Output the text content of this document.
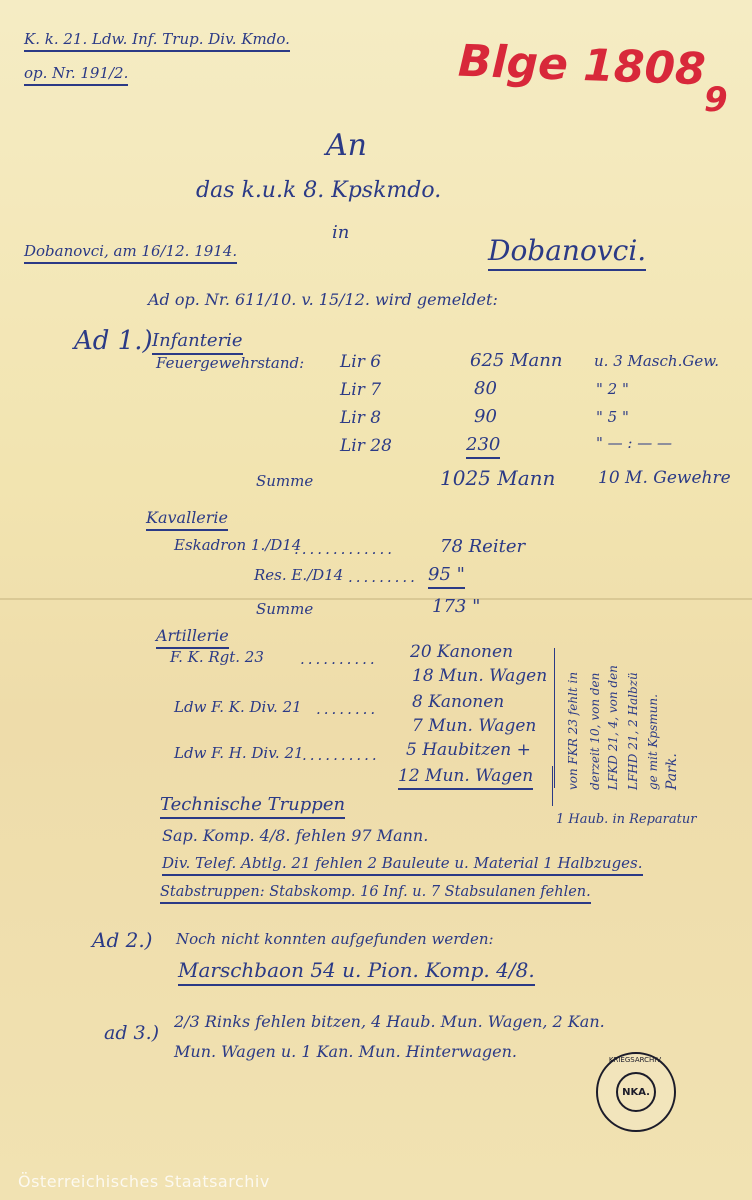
K. k. 21. Ldw. Inf. Trup. Div. Kmdo.
op. Nr. 191/2.	Blge 1808
9
An
das k.u.k 8. Kpskmdo.
in
Dobanovci, am 16/12. 1914.	Dobanovci.
Ad op. Nr. 611/10. v. 15/12. wird gemeldet:
Ad 1.) Infanterie
Feuergewehrstand: Lir 6	625 Mann u. 3 Masch.Gew.
Lir 7	80	" 2 "
Lir 8	90	" 5 "
Lir 28	230	" — : — —
Summe	1025 Mann	10 M. Gewehre
Kavallerie
Eskadron 1./D14
.............	78 Reiter
Res. E./D14 ......... 95 "
Summe	173 "
Artillerie
F. K. Rgt. 23 .......... 20 Kanonen
18 Mun. Wagen
Ldw F. K. Div. 21 ........ 8 Kanonen
7 Mun. Wagen
Ldw F. H. Div. 21
.......... 5 Haubitzen +
12 Mun. Wagen	von FKR 23 fehlt in derzeit 10, von den LFKD 21, 4, von den LFHD 21, 2 Halbzü ge mit Kpsmun. Park.
1 Haub. in Reparatur
Technische Truppen
Sap. Komp. 4/8. fehlen 97 Mann.
Div. Telef. Abtlg. 21 fehlen 2 Bauleute u. Material 1 Halbzuges.
Stabstruppen: Stabskomp. 16 Inf. u. 7 Stabsulanen fehlen.
Ad 2.) Noch nicht konnten aufgefunden werden:
Marschbaon 54 u. Pion. Komp. 4/8.
ad 3.)
2/3 Rinks fehlen bitzen, 4 Haub. Mun. Wagen, 2 Kan.
Mun. Wagen u. 1 Kan. Mun. Hinterwagen.	KRIEGSARCHIV
NKA.
Österreichisches Staatsarchiv
